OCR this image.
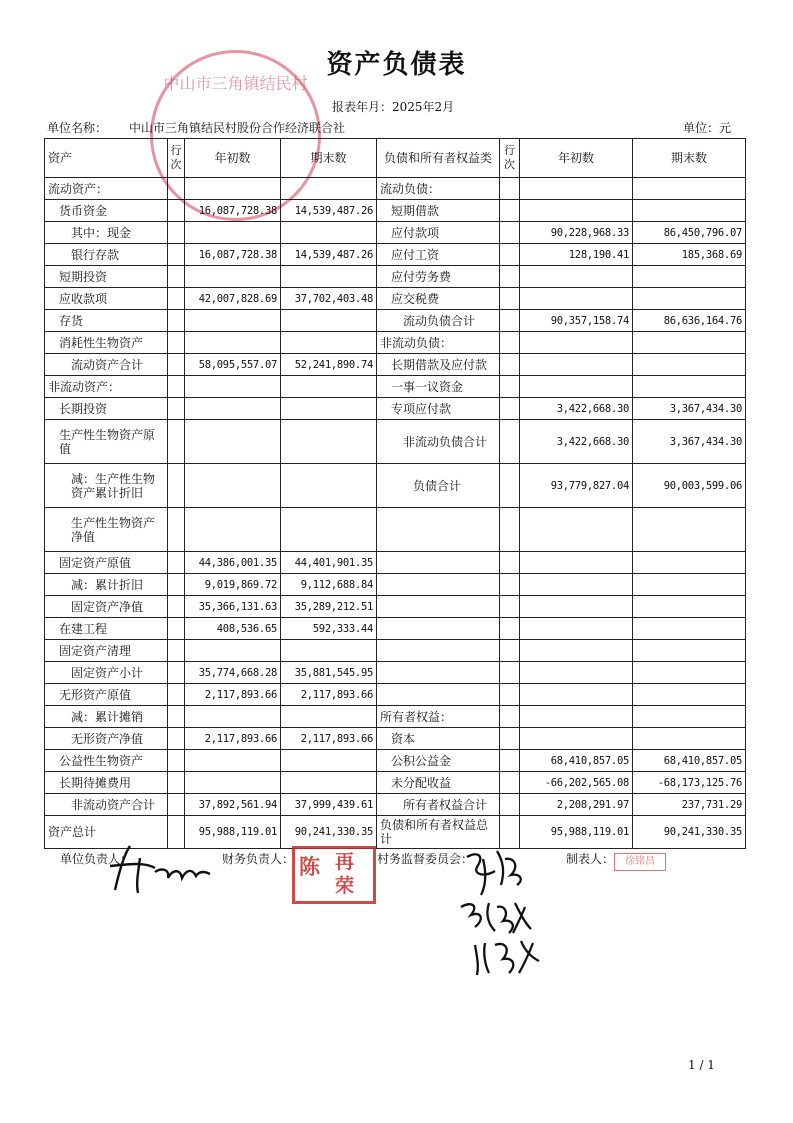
中山市三角镇结民村
资产负债表
报表年月：2025年2月
单位名称： 中山市三角镇结民村股份合作经济联合社	单位：元
资产	行次	年初数	期末数	负债和所有者权益类	行次	年初数	期末数
流动资产：				流动负债：			
货币资金		16,087,728.38	14,539,487.26	短期借款			
其中：现金				应付款项		90,228,968.33	86,450,796.07
银行存款		16,087,728.38	14,539,487.26	应付工资		128,190.41	185,368.69
短期投资				应付劳务费			
应收款项		42,007,828.69	37,702,403.48	应交税费			
存货				流动负债合计		90,357,158.74	86,636,164.76
消耗性生物资产				非流动负债：			
流动资产合计		58,095,557.07	52,241,890.74	长期借款及应付款			
非流动资产：				一事一议资金			
长期投资				专项应付款		3,422,668.30	3,367,434.30
生产性生物资产原值				非流动负债合计		3,422,668.30	3,367,434.30
减：生产性生物资产累计折旧				负债合计		93,779,827.04	90,003,599.06
生产性生物资产净值							
固定资产原值		44,386,001.35	44,401,901.35				
减：累计折旧		9,019,869.72	9,112,688.84				
固定资产净值		35,366,131.63	35,289,212.51				
在建工程		408,536.65	592,333.44				
固定资产清理							
固定资产小计		35,774,668.28	35,881,545.95				
无形资产原值		2,117,893.66	2,117,893.66				
减：累计摊销				所有者权益：			
无形资产净值		2,117,893.66	2,117,893.66	资本			
公益性生物资产				公积公益金		68,410,857.05	68,410,857.05
长期待摊费用				未分配收益		-66,202,565.08	-68,173,125.76
非流动资产合计		37,892,561.94	37,999,439.61	所有者权益合计		2,208,291.97	237,731.29
资产总计		95,988,119.01	90,241,330.35	负债和所有者权益总计		95,988,119.01	90,241,330.35
单位负责人：	财务负责人：	村务监督委员会：	制表人：
陈 再
荣
徐铭昌
1 / 1
